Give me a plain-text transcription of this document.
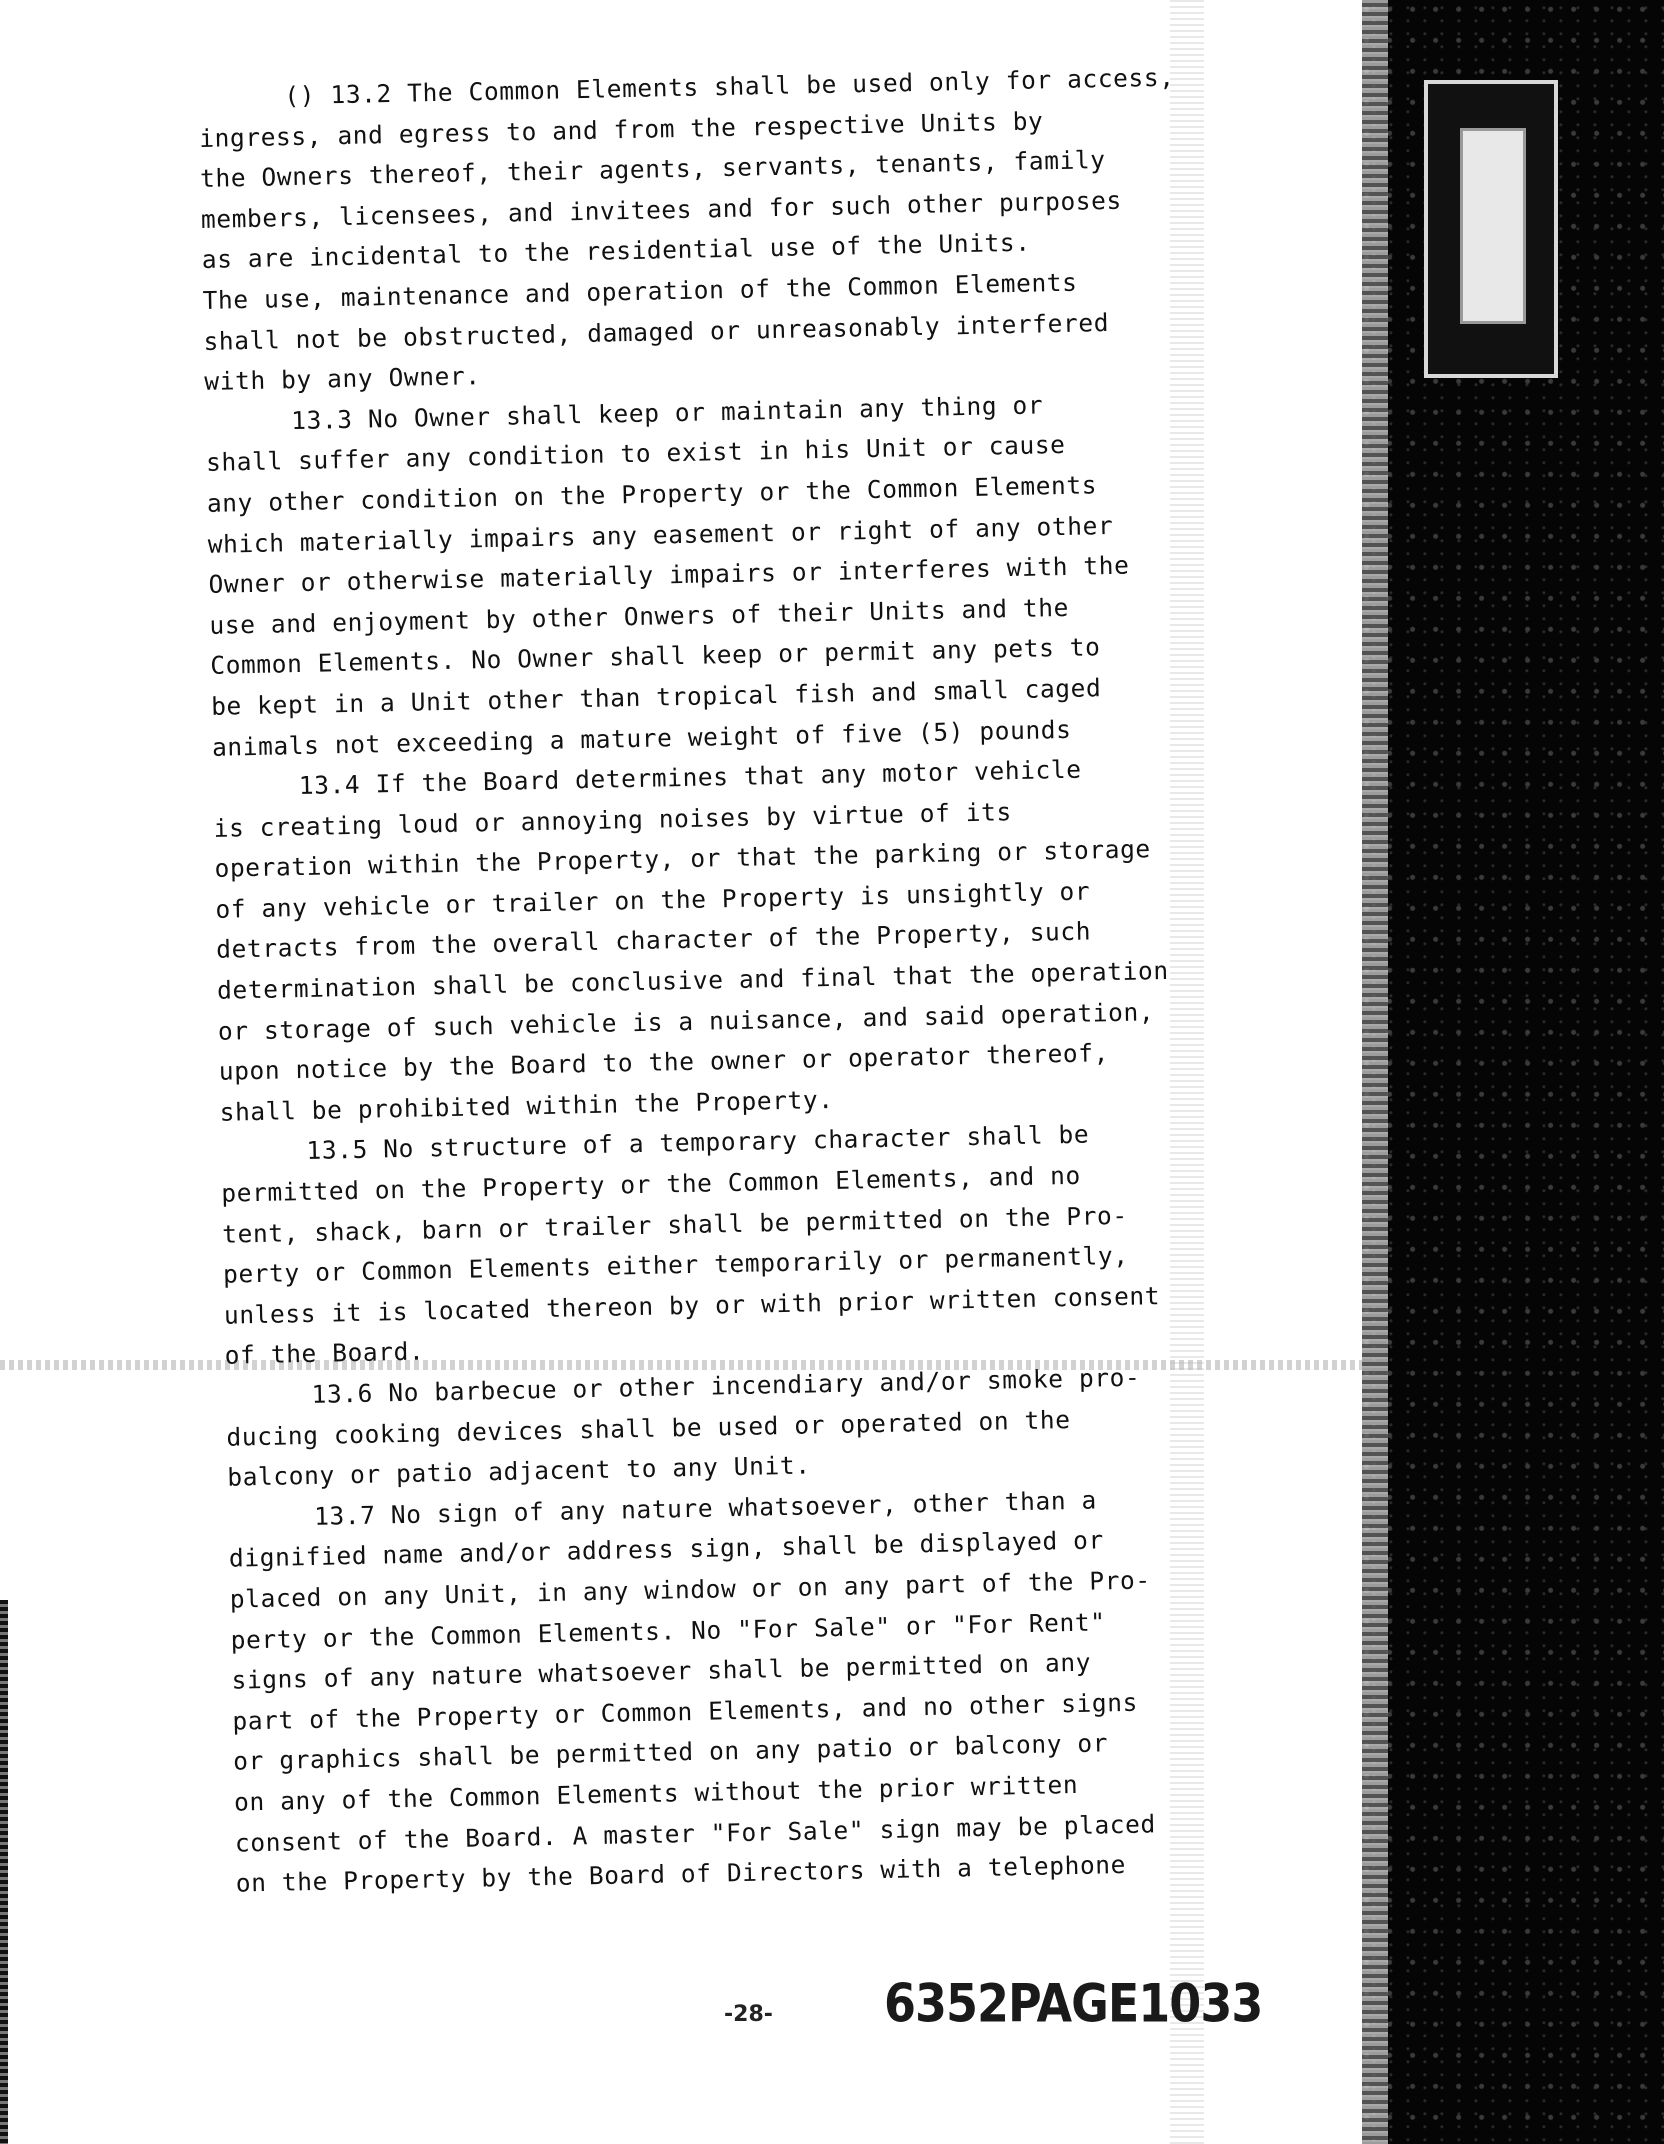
() 13.2 The Common Elements shall be used only for access,
ingress, and egress to and from the respective Units by
the Owners thereof, their agents, servants, tenants, family
members, licensees, and invitees and for such other purposes
as are incidental to the residential use of the Units.
The use, maintenance and operation of the Common Elements
shall not be obstructed, damaged or unreasonably interfered
with by any Owner.
13.3 No Owner shall keep or maintain any thing or
shall suffer any condition to exist in his Unit or cause
any other condition on the Property or the Common Elements
which materially impairs any easement or right of any other
Owner or otherwise materially impairs or interferes with the
use and enjoyment by other Onwers of their Units and the
Common Elements. No Owner shall keep or permit any pets to
be kept in a Unit other than tropical fish and small caged
animals not exceeding a mature weight of five (5) pounds
13.4 If the Board determines that any motor vehicle
is creating loud or annoying noises by virtue of its
operation within the Property, or that the parking or storage
of any vehicle or trailer on the Property is unsightly or
detracts from the overall character of the Property, such
determination shall be conclusive and final that the operation
or storage of such vehicle is a nuisance, and said operation,
upon notice by the Board to the owner or operator thereof,
shall be prohibited within the Property.
13.5 No structure of a temporary character shall be
permitted on the Property or the Common Elements, and no
tent, shack, barn or trailer shall be permitted on the Pro-
perty or Common Elements either temporarily or permanently,
unless it is located thereon by or with prior written consent
of the Board.
13.6 No barbecue or other incendiary and/or smoke pro-
ducing cooking devices shall be used or operated on the
balcony or patio adjacent to any Unit.
13.7 No sign of any nature whatsoever, other than a
dignified name and/or address sign, shall be displayed or
placed on any Unit, in any window or on any part of the Pro-
perty or the Common Elements. No "For Sale" or "For Rent"
signs of any nature whatsoever shall be permitted on any
part of the Property or Common Elements, and no other signs
or graphics shall be permitted on any patio or balcony or
on any of the Common Elements without the prior written
consent of the Board. A master "For Sale" sign may be placed
on the Property by the Board of Directors with a telephone
-28- 6352PAGE1033
